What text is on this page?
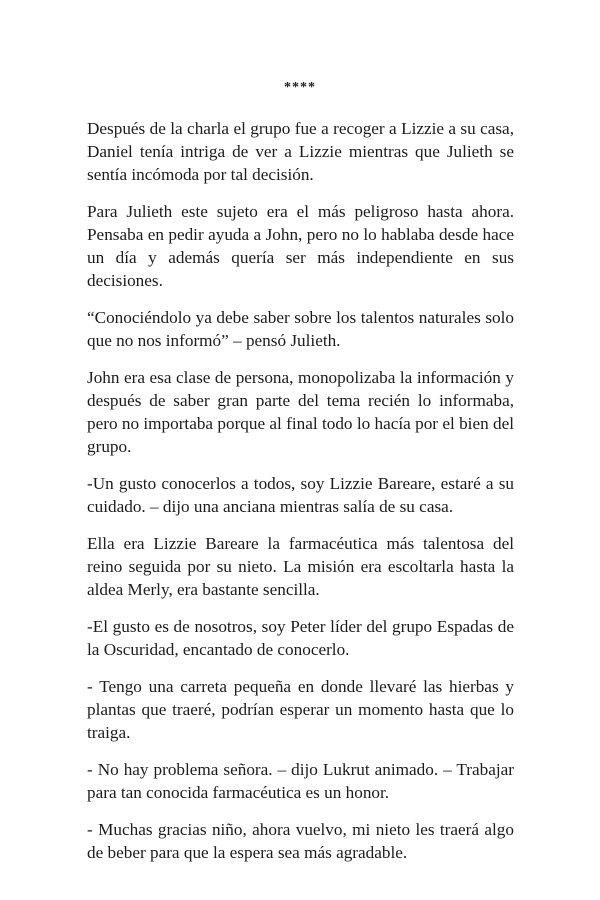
****

Después de la charla el grupo fue a recoger a Lizzie a su casa, Daniel tenía intriga de ver a Lizzie mientras que Julieth se sentía incómoda por tal decisión.

Para Julieth este sujeto era el más peligroso hasta ahora. Pensaba en pedir ayuda a John, pero no lo hablaba desde hace un día y además quería ser más independiente en sus decisiones.

“Conociéndolo ya debe saber sobre los talentos naturales solo que no nos informó” – pensó Julieth.

John era esa clase de persona, monopolizaba la información y después de saber gran parte del tema recién lo informaba, pero no importaba porque al final todo lo hacía por el bien del grupo.

-Un gusto conocerlos a todos, soy Lizzie Bareare, estaré a su cuidado. – dijo una anciana mientras salía de su casa.

Ella era Lizzie Bareare la farmacéutica más talentosa del reino seguida por su nieto. La misión era escoltarla hasta la aldea Merly, era bastante sencilla.

-El gusto es de nosotros, soy Peter líder del grupo Espadas de la Oscuridad, encantado de conocerlo.

- Tengo una carreta pequeña en donde llevaré las hierbas y plantas que traeré, podrían esperar un momento hasta que lo traiga.

- No hay problema señora. – dijo Lukrut animado. – Trabajar para tan conocida farmacéutica es un honor.

- Muchas gracias niño, ahora vuelvo, mi nieto les traerá algo de beber para que la espera sea más agradable.
